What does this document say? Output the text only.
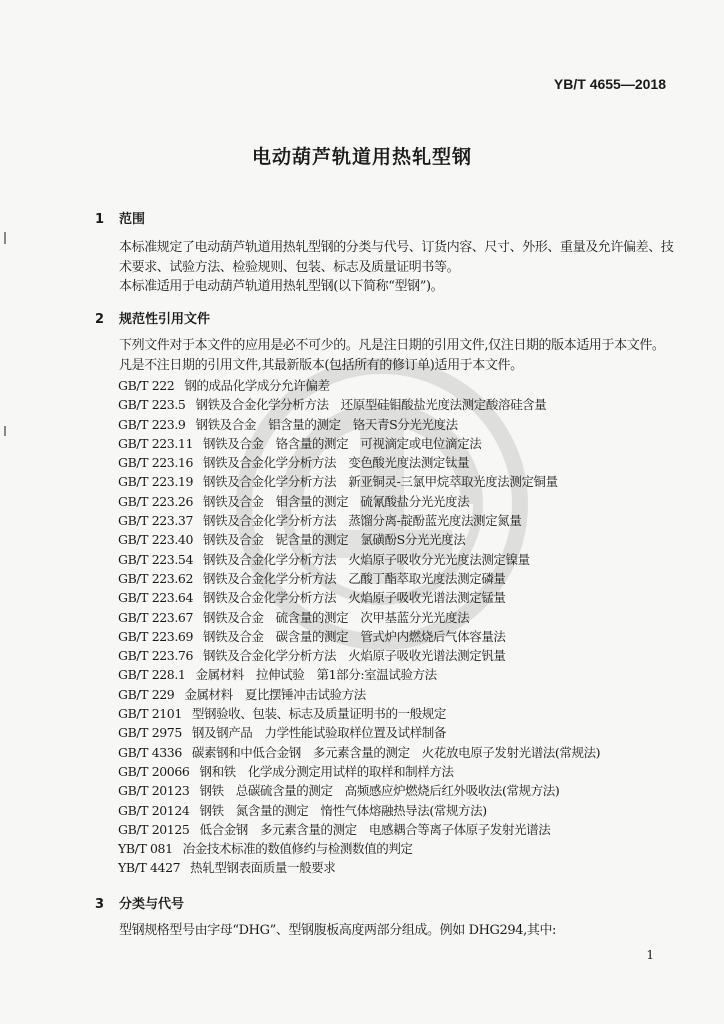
YB/T 4655—2018
电动葫芦轨道用热轧型钢
1 范围
本标准规定了电动葫芦轨道用热轧型钢的分类与代号、订货内容、尺寸、外形、重量及允许偏差、技术要求、试验方法、检验规则、包装、标志及质量证明书等。
本标准适用于电动葫芦轨道用热轧型钢(以下简称“型钢”)。
2 规范性引用文件
下列文件对于本文件的应用是必不可少的。凡是注日期的引用文件,仅注日期的版本适用于本文件。凡是不注日期的引用文件,其最新版本(包括所有的修订单)适用于本文件。
GB/T 222 钢的成品化学成分允许偏差
GB/T 223.5 钢铁及合金化学分析方法　还原型硅钼酸盐光度法测定酸溶硅含量
GB/T 223.9 钢铁及合金　铝含量的测定　铬天青S分光光度法
GB/T 223.11 钢铁及合金　铬含量的测定　可视滴定或电位滴定法
GB/T 223.16 钢铁及合金化学分析方法　变色酸光度法测定钛量
GB/T 223.19 钢铁及合金化学分析方法　新亚铜灵-三氯甲烷萃取光度法测定铜量
GB/T 223.26 钢铁及合金　钼含量的测定　硫氰酸盐分光光度法
GB/T 223.37 钢铁及合金化学分析方法　蒸馏分离-靛酚蓝光度法测定氮量
GB/T 223.40 钢铁及合金　铌含量的测定　氯磺酚S分光光度法
GB/T 223.54 钢铁及合金化学分析方法　火焰原子吸收分光光度法测定镍量
GB/T 223.62 钢铁及合金化学分析方法　乙酸丁酯萃取光度法测定磷量
GB/T 223.64 钢铁及合金化学分析方法　火焰原子吸收光谱法测定锰量
GB/T 223.67 钢铁及合金　硫含量的测定　次甲基蓝分光光度法
GB/T 223.69 钢铁及合金　碳含量的测定　管式炉内燃烧后气体容量法
GB/T 223.76 钢铁及合金化学分析方法　火焰原子吸收光谱法测定钒量
GB/T 228.1 金属材料　拉伸试验　第1部分:室温试验方法
GB/T 229 金属材料　夏比摆锤冲击试验方法
GB/T 2101 型钢验收、包装、标志及质量证明书的一般规定
GB/T 2975 钢及钢产品　力学性能试验取样位置及试样制备
GB/T 4336 碳素钢和中低合金钢　多元素含量的测定　火花放电原子发射光谱法(常规法)
GB/T 20066 钢和铁　化学成分测定用试样的取样和制样方法
GB/T 20123 钢铁　总碳硫含量的测定　高频感应炉燃烧后红外吸收法(常规方法)
GB/T 20124 钢铁　氮含量的测定　惰性气体熔融热导法(常规方法)
GB/T 20125 低合金钢　多元素含量的测定　电感耦合等离子体原子发射光谱法
YB/T 081 冶金技术标准的数值修约与检测数值的判定
YB/T 4427 热轧型钢表面质量一般要求
3 分类与代号
型钢规格型号由字母“DHG”、型钢腹板高度两部分组成。例如 DHG294,其中:
1
